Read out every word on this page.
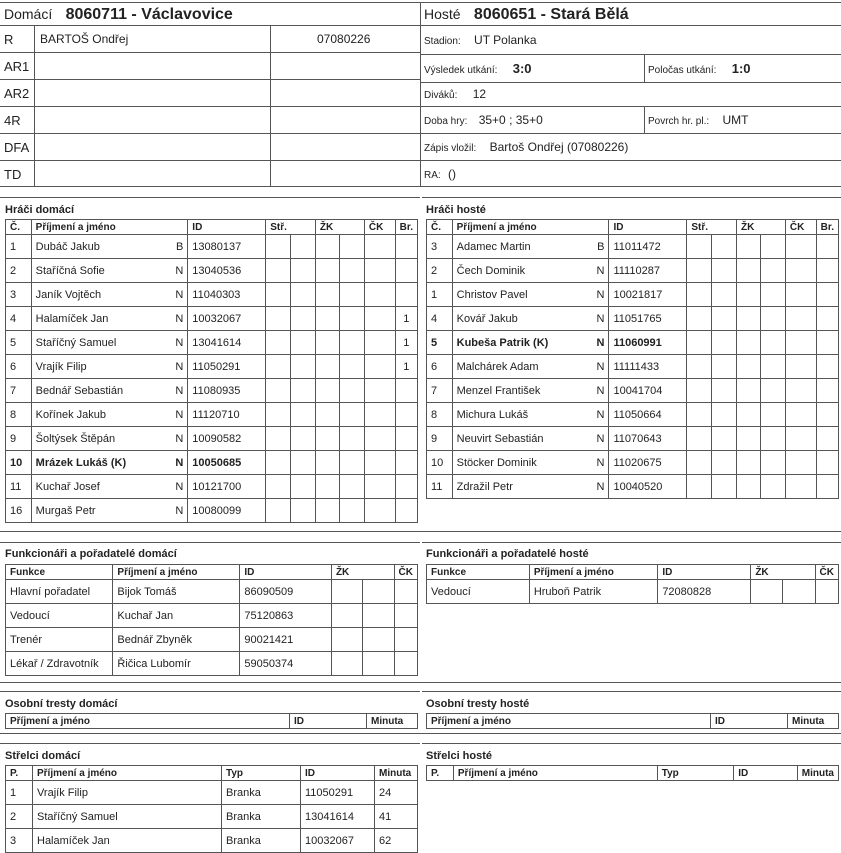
Domácí 8060711 - Václavovice	Hosté 8060651 - Stará Bělá
R BARTOŠ Ondřej	07080226
AR1
AR2
4R
DFA
TD
Stadion: UT Polanka
Výsledek utkání: 3:0	Poločas utkání: 1:0
Diváků: 12
Doba hry: 35+0 ; 35+0	Povrch hr. pl.: UMT
Zápis vložil: Bartoš Ondřej (07080226)
RA: ()
Hráči domácí	Hráči hosté
Č.	Příjmení a jméno	ID	Stř.	ŽK	ČK	Br.
1	Dubáč Jakub B	13080137	

2	Staříčná Sofie N	13040536	

3	Janík Vojtěch N	11040303	

4	Halamíček Jan N	10032067				1
5	Staříčný Samuel N	13041614				1
6	Vrajík Filip N	11050291				1
7	Bednář Sebastián N	11080935	

8	Kořínek Jakub N	11120710	

9	Šoltýsek Štěpán N	10090582	

10	Mrázek Lukáš (K) N	10050685	

11	Kuchař Josef N	10121700	

16	Murgaš Petr N	10080099	

Č.	Příjmení a jméno	ID	Stř.	ŽK	ČK	Br.
3	Adamec Martin B	11011472	

2	Čech Dominik N	11110287	

1	Christov Pavel N	10021817	

4	Kovář Jakub N	11051765	

5	Kubeša Patrik (K) N	11060991	

6	Malchárek Adam N	11111433	

7	Menzel František N	10041704	

8	Michura Lukáš N	11050664	

9	Neuvirt Sebastián N	11070643	

10	Stöcker Dominik N	11020675	

11	Zdražil Petr N	10040520	

Funkcionáři a pořadatelé domácí	Funkcionáři a pořadatelé hosté
Funkce	Příjmení a jméno	ID	ŽK	ČK
Hlavní pořadatel	Bijok Tomáš	86090509	

Vedoucí	Kuchař Jan	75120863	

Trenér	Bednář Zbyněk	90021421	

Lékař / Zdravotník	Řičica Lubomír	59050374	

Funkce	Příjmení a jméno	ID	ŽK	ČK
Vedoucí	Hruboň Patrik	72080828	

Osobní tresty domácí	Osobní tresty hosté
Příjmení a jméno	ID	Minuta	Příjmení a jméno	ID	Minuta
Střelci domácí	Střelci hosté
P.	Příjmení a jméno	Typ	ID	Minuta
1	Vrajík Filip	Branka	11050291	24
2	Staříčný Samuel	Branka	13041614	41
3	Halamíček Jan	Branka	10032067	62
P.	Příjmení a jméno	Typ	ID	Minuta
